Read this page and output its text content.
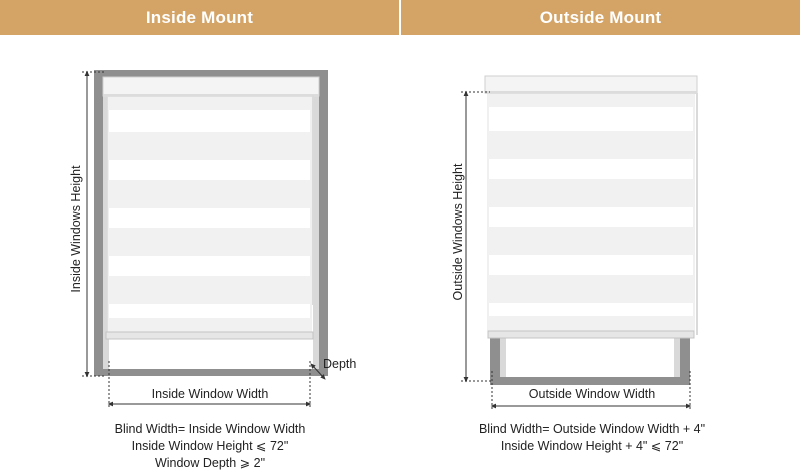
Inside Mount	Outside Mount
Inside Windows Height
Inside Window Width
Depth
Blind Width= Inside Window Width
Inside Window Height ⩽ 72"
Window Depth ⩾ 2"
Outside Windows Height
Outside Window Width
Blind Width= Outside Window Width + 4"
Inside Window Height + 4" ⩽ 72"
